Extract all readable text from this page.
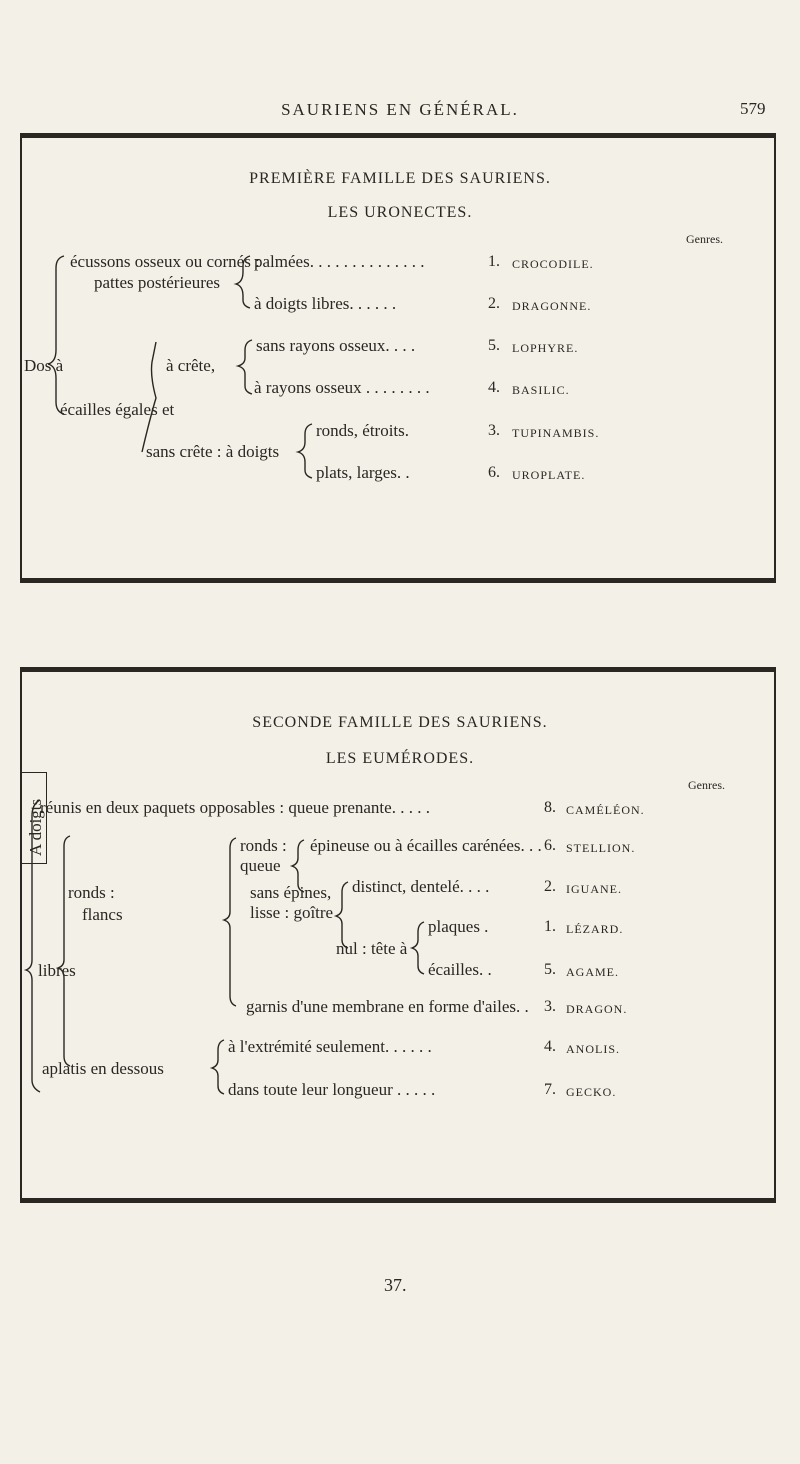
SAURIENS EN GÉNÉRAL.	579
PREMIÈRE FAMILLE DES SAURIENS.
LES URONECTES.
Genres.
Dos à
écussons osseux ou cornés :
pattes postérieures
palmées. . . . . . . . . . . . . .
à doigts libres. . . . . .
sans rayons osseux. . . .
à crête,
à rayons osseux . . . . . . . .
écailles égales et
ronds, étroits.
sans crête : à doigts
plats, larges. .
1. CROCODILE.
2. DRAGONNE.
5. LOPHYRE.
4. BASILIC.
3. TUPINAMBIS.
6. UROPLATE.
SECONDE FAMILLE DES SAURIENS.
LES EUMÉRODES.
Genres.
réunis en deux paquets opposables : queue prenante. . . . .
ronds :
queue
épineuse ou à écailles carénées. . .
sans épines,
lisse : goître
distinct, dentelé. . . .
nul : tête à
plaques .
écailles. .
ronds :
flancs
libres
garnis d'une membrane en forme d'ailes. .
à l'extrémité seulement. . . . . .
aplatis en dessous
dans toute leur longueur . . . . .
8. CAMÉLÉON.
6. STELLION.
2. IGUANE.
1. LÉZARD.
5. AGAME.
3. DRAGON.
4. ANOLIS.
7. GECKO.
A doigts
37.
